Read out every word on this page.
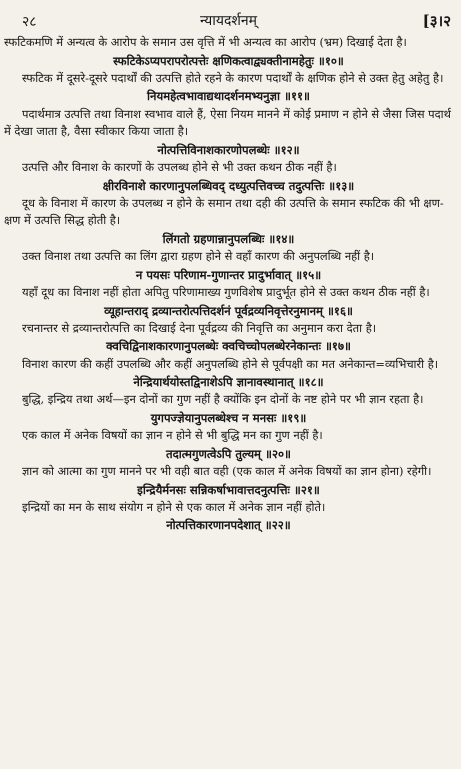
२८	न्यायदर्शनम्	[३।२
स्फटिकमणि में अन्यत्व के आरोप के समान उस वृत्ति में भी अन्यत्व का आरोप (भ्रम) दिखाई देता है।
स्फटिकेऽप्यपरापरोत्पत्तेः क्षणिकत्वाद्व्यक्तीनामहेतुः ॥१०॥
स्फटिक में दूसरे-दूसरे पदार्थों की उत्पत्ति होते रहने के कारण पदार्थों के क्षणिक होने से उक्त हेतु अहेतु है।
नियमहेत्वभावाद्यथादर्शनमभ्यनुज्ञा ॥११॥
पदार्थमात्र उत्पत्ति तथा विनाश स्वभाव वाले हैं, ऐसा नियम मानने में कोई प्रमाण न होने से जैसा जिस पदार्थ में देखा जाता है, वैसा स्वीकार किया जाता है।
नोत्पत्तिविनाशकारणोपलब्धेः ॥१२॥
उत्पत्ति और विनाश के कारणों के उपलब्ध होने से भी उक्त कथन ठीक नहीं है।
क्षीरविनाशे कारणानुपलब्धिवद् दध्युत्पत्तिवच्च तदुत्पत्तिः ॥१३॥
दूध के विनाश में कारण के उपलब्ध न होने के समान तथा दही की उत्पत्ति के समान स्फटिक की भी क्षण-क्षण में उत्पत्ति सिद्ध होती है।
लिंगतो ग्रहणान्नानुपलब्धिः ॥१४॥
उक्त विनाश तथा उत्पत्ति का लिंग द्वारा ग्रहण होने से वहाँ कारण की अनुपलब्धि नहीं है।
न पयसः परिणाम-गुणान्तर प्रादुर्भावात् ॥१५॥
यहाँ दूध का विनाश नहीं होता अपितु परिणामाख्य गुणविशेष प्रादुर्भूत होने से उक्त कथन ठीक नहीं है।
व्यूहान्तराद् द्रव्यान्तरोत्पत्तिदर्शनं पूर्वद्रव्यनिवृत्तेरनुमानम् ॥१६॥
रचनान्तर से द्रव्यान्तरोत्पत्ति का दिखाई देना पूर्वद्रव्य की निवृत्ति का अनुमान करा देता है।
क्वचिद्विनाशकारणानुपलब्धेः क्वचिच्चोपलब्धेरनेकान्तः ॥१७॥
विनाश कारण की कहीं उपलब्धि और कहीं अनुपलब्धि होने से पूर्वपक्षी का मत अनेकान्त=व्यभिचारी है।
नेन्द्रियार्थयोस्तद्विनाशेऽपि ज्ञानावस्थानात् ॥१८॥
बुद्धि, इन्द्रिय तथा अर्थ—इन दोनों का गुण नहीं है क्योंकि इन दोनों के नष्ट होने पर भी ज्ञान रहता है।
युगपज्ज्ञेयानुपलब्धेश्च न मनसः ॥१९॥
एक काल में अनेक विषयों का ज्ञान न होने से भी बुद्धि मन का गुण नहीं है।
तदात्मगुणत्वेऽपि तुल्यम् ॥२०॥
ज्ञान को आत्मा का गुण मानने पर भी वही बात वही (एक काल में अनेक विषयों का ज्ञान होना) रहेगी।
इन्द्रियैर्मनसः सन्निकर्षाभावात्तदनुत्पत्तिः ॥२१॥
इन्द्रियों का मन के साथ संयोग न होने से एक काल में अनेक ज्ञान नहीं होते।
नोत्पत्तिकारणानपदेशात् ॥२२॥
